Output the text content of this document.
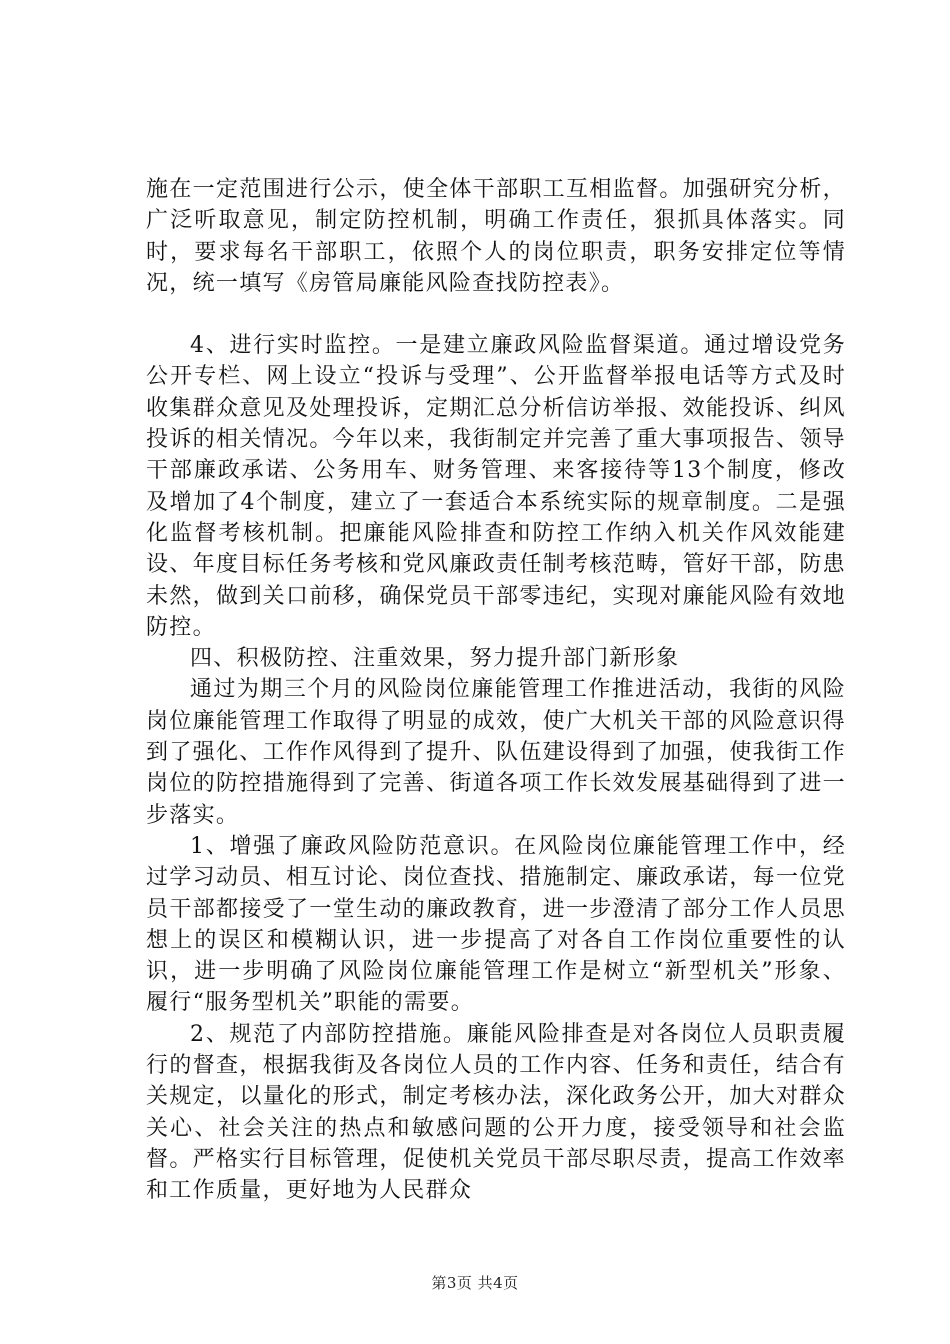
施在一定范围进行公示，使全体干部职工互相监督。加强研究分析，广泛听取意见，制定防控机制，明确工作责任，狠抓具体落实。同时，要求每名干部职工，依照个人的岗位职责，职务安排定位等情况，统一填写《房管局廉能风险查找防控表》。

4、进行实时监控。一是建立廉政风险监督渠道。通过增设党务公开专栏、网上设立“投诉与受理”、公开监督举报电话等方式及时收集群众意见及处理投诉，定期汇总分析信访举报、效能投诉、纠风投诉的相关情况。今年以来，我街制定并完善了重大事项报告、领导干部廉政承诺、公务用车、财务管理、来客接待等13个制度，修改及增加了4个制度，建立了一套适合本系统实际的规章制度。二是强化监督考核机制。把廉能风险排查和防控工作纳入机关作风效能建设、年度目标任务考核和党风廉政责任制考核范畴，管好干部，防患未然，做到关口前移，确保党员干部零违纪，实现对廉能风险有效地防控。

四、积极防控、注重效果，努力提升部门新形象

通过为期三个月的风险岗位廉能管理工作推进活动，我街的风险岗位廉能管理工作取得了明显的成效，使广大机关干部的风险意识得到了强化、工作作风得到了提升、队伍建设得到了加强，使我街工作岗位的防控措施得到了完善、街道各项工作长效发展基础得到了进一步落实。

1、增强了廉政风险防范意识。在风险岗位廉能管理工作中，经过学习动员、相互讨论、岗位查找、措施制定、廉政承诺，每一位党员干部都接受了一堂生动的廉政教育，进一步澄清了部分工作人员思想上的误区和模糊认识，进一步提高了对各自工作岗位重要性的认识，进一步明确了风险岗位廉能管理工作是树立“新型机关”形象、履行“服务型机关”职能的需要。

2、规范了内部防控措施。廉能风险排查是对各岗位人员职责履行的督查，根据我街及各岗位人员的工作内容、任务和责任，结合有关规定，以量化的形式，制定考核办法，深化政务公开，加大对群众关心、社会关注的热点和敏感问题的公开力度，接受领导和社会监督。严格实行目标管理，促使机关党员干部尽职尽责，提高工作效率和工作质量，更好地为人民群众

第3页 共4页
